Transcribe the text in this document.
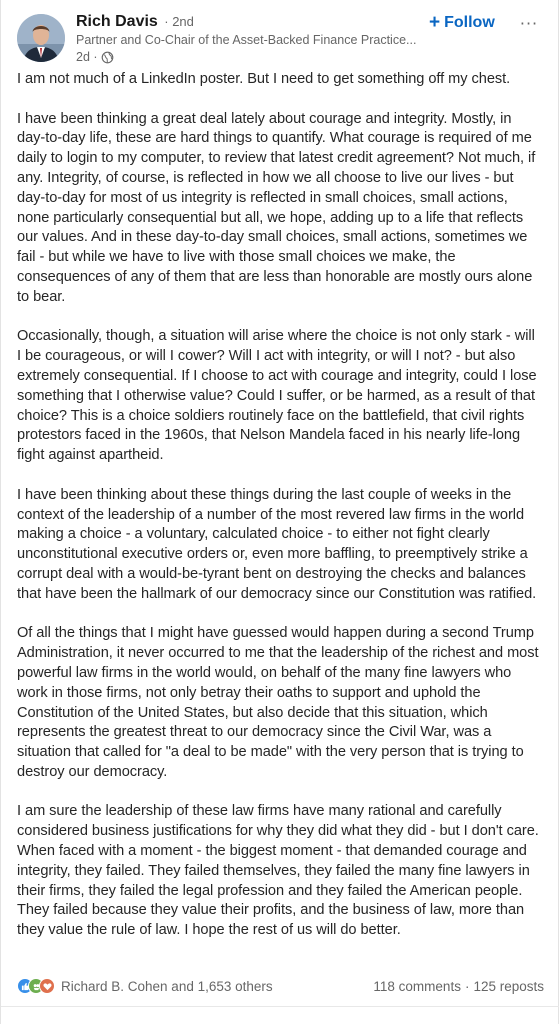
Rich Davis · 2nd
Partner and Co-Chair of the Asset-Backed Finance Practice...
2d ·
+ Follow ···

I am not much of a LinkedIn poster. But I need to get something off my chest.

I have been thinking a great deal lately about courage and integrity. Mostly, in day-to-day life, these are hard things to quantify. What courage is required of me daily to login to my computer, to review that latest credit agreement? Not much, if any. Integrity, of course, is reflected in how we all choose to live our lives - but day-to-day for most of us integrity is reflected in small choices, small actions, none particularly consequential but all, we hope, adding up to a life that reflects our values. And in these day-to-day small choices, small actions, sometimes we fail - but while we have to live with those small choices we make, the consequences of any of them that are less than honorable are mostly ours alone to bear.

Occasionally, though, a situation will arise where the choice is not only stark - will I be courageous, or will I cower? Will I act with integrity, or will I not? - but also extremely consequential. If I choose to act with courage and integrity, could I lose something that I otherwise value? Could I suffer, or be harmed, as a result of that choice? This is a choice soldiers routinely face on the battlefield, that civil rights protestors faced in the 1960s, that Nelson Mandela faced in his nearly life-long fight against apartheid.

I have been thinking about these things during the last couple of weeks in the context of the leadership of a number of the most revered law firms in the world making a choice - a voluntary, calculated choice - to either not fight clearly unconstitutional executive orders or, even more baffling, to preemptively strike a corrupt deal with a would-be-tyrant bent on destroying the checks and balances that have been the hallmark of our democracy since our Constitution was ratified.

Of all the things that I might have guessed would happen during a second Trump Administration, it never occurred to me that the leadership of the richest and most powerful law firms in the world would, on behalf of the many fine lawyers who work in those firms, not only betray their oaths to support and uphold the Constitution of the United States, but also decide that this situation, which represents the greatest threat to our democracy since the Civil War, was a situation that called for "a deal to be made" with the very person that is trying to destroy our democracy.

I am sure the leadership of these law firms have many rational and carefully considered business justifications for why they did what they did - but I don't care. When faced with a moment - the biggest moment - that demanded courage and integrity, they failed. They failed themselves, they failed the many fine lawyers in their firms, they failed the legal profession and they failed the American people. They failed because they value their profits, and the business of law, more than they value the rule of law. I hope the rest of us will do better.

Richard B. Cohen and 1,653 others	118 comments · 125 reposts
